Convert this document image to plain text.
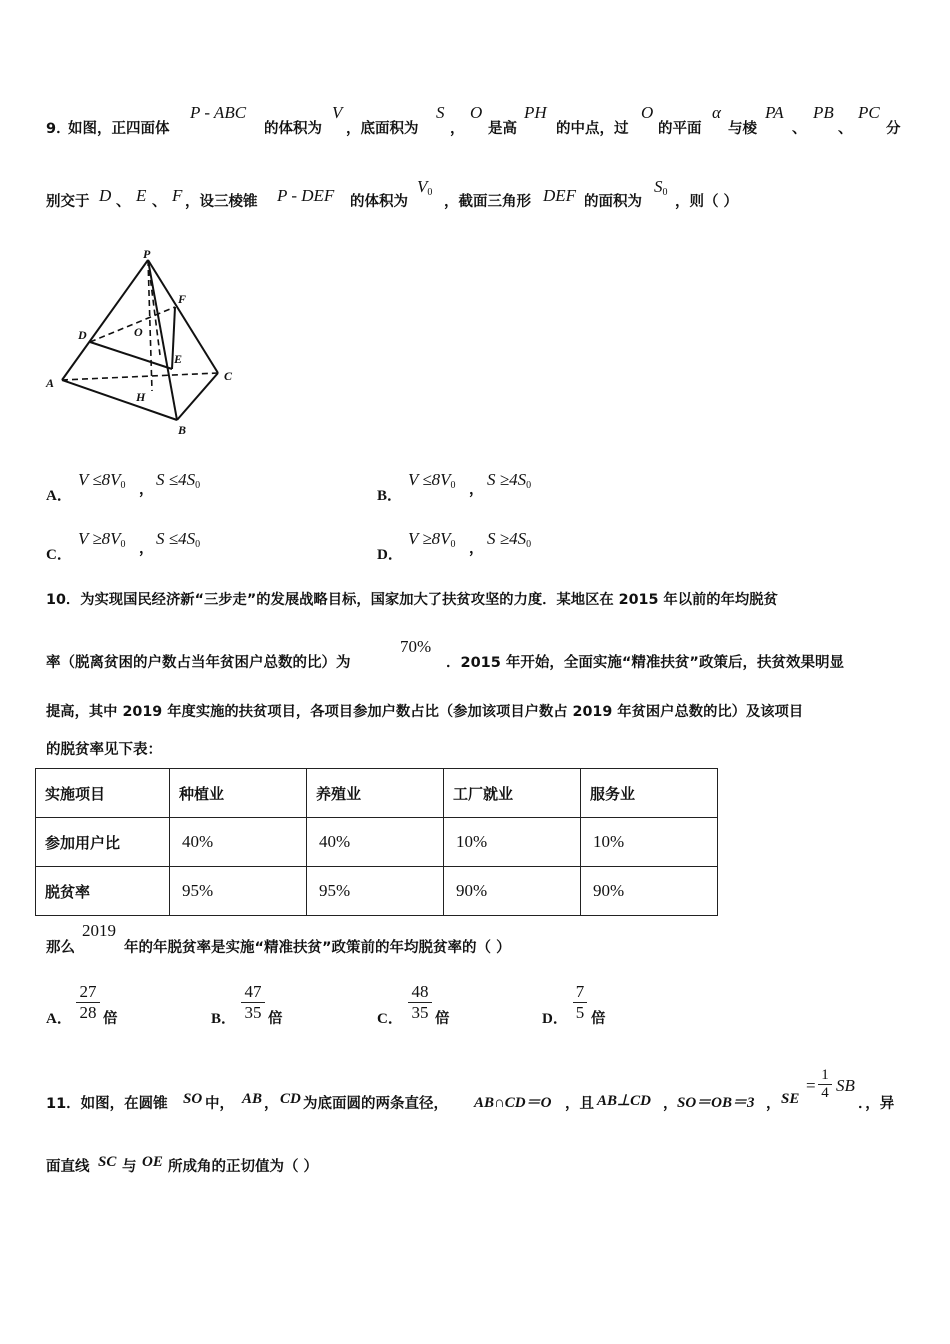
9．
如图，正四面体
P - ABC
的体积为
V
，底面积为
S
，
O
是高
PH
的中点，过
O
的平面
α
与棱
PA
、
PB
、
PC
分
别交于 D 、 E 、 F ，设三棱锥 P - DEF 的体积为
$V_0$
，截面三角形 DEF 的面积为
$S_0$
，则（ ）
P
F
D	O
E
A	C
H
B
A．
$V \le 8V_0$ ，
$S \le 4S_0$
B．
$V \le 8V_0$ ，
$S \ge 4S_0$
C．
$V \ge 8V_0$ ，
$S \le 4S_0$
D．
$V \ge 8V_0$ ，
$S \ge 4S_0$
10．为实现国民经济新“三步走”的发展战略目标，国家加大了扶贫攻坚的力度．某地区在 2015 年以前的年均脱贫
率（脱离贫困的户数占当年贫困户总数的比）为
70%
．2015 年开始，全面实施“精准扶贫”政策后，扶贫效果明显
提高，其中 2019 年度实施的扶贫项目，各项目参加户数占比（参加该项目户数占 2019 年贫困户总数的比）及该项目
的脱贫率见下表：
实施项目	种植业	养殖业	工厂就业	服务业
参加用户比	40%	40%	10%	10%
脱贫率	95%	95%	90%	90%
那么
2019
年的年脱贫率是实施“精准扶贫”政策前的年均脱贫率的（ ）
A． $\frac{27}{28}$ 倍	B． $\frac{47}{35}$ 倍	C． $\frac{48}{35}$ 倍	D． $\frac{7}{5}$ 倍
11．如图，在圆锥 SO 中， AB ， CD 为底面圆的两条直径， AB∩CD＝O ，且 AB⊥CD ， SO＝OB＝3 ， SE
= $\frac{1}{4}$ SB
．，异
面直线 SC 与 OE 所成角的正切值为（ ）
